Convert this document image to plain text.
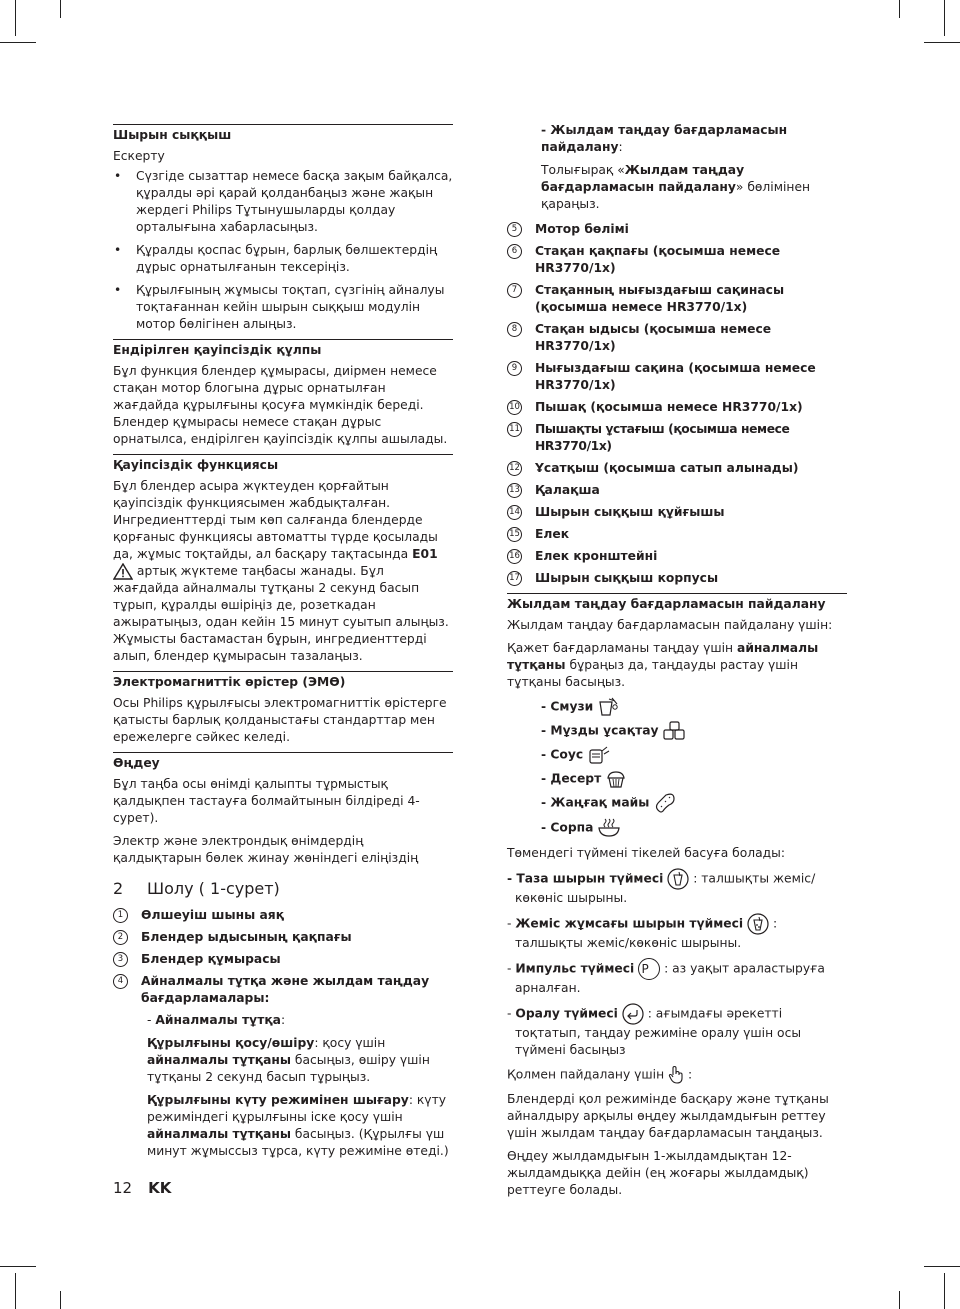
Шырын сыққыш
Ескерту
• Сүзгіде сызаттар немесе басқа зақым байқалса, құралды әрі қарай қолданбаңыз және жақын жердегі Philips Тұтынушыларды қолдау орталығына хабарласыңыз.
• Құралды қоспас бұрын, барлық бөлшектердің дұрыс орнатылғанын тексеріңіз.
• Құрылғының жұмысы тоқтап, сүзгінің айналуы тоқтағаннан кейін шырын сыққыш модулін мотор бөлігінен алыңыз.
Ендірілген қауіпсіздік құлпы

Бұл функция блендер құмырасы, диірмен немесе стақан мотор блогына дұрыс орнатылған жағдайда құрылғыны қосуға мүмкіндік береді. Блендер құмырасы немесе стақан дұрыс орнатылса, ендірілген қауіпсіздік құлпы ашылады.

Қауіпсіздік функциясы

Бұл блендер асыра жүктеуден қорғайтын қауіпсіздік функциясымен жабдықталған. Ингредиенттерді тым көп салғанда блендерде қорғаныс функциясы автоматты түрде қосылады да, жұмыс тоқтайды, ал басқару тақтасында E01  артық жүктеме таңбасы жанады. Бұл жағдайда айналмалы тұтқаны 2 секунд басып тұрып, құралды өшіріңіз де, розеткадан ажыратыңыз, одан кейін 15 минут суытып алыңыз. Жұмысты бастамастан бұрын, ингредиенттерді алып, блендер құмырасын тазалаңыз.

Электромагниттік өрістер (ЭМӨ)

Осы Philips құрылғысы электромагниттік өрістерге қатысты барлық қолданыстағы стандарттар мен ережелерге сәйкес келеді.

Өңдеу

Бұл таңба осы өнімді қалыпты тұрмыстық қалдықпен тастауға болмайтынын білдіреді 4-сурет).

Электр және электрондық өнімдердің қалдықтарын бөлек жинау жөніндегі еліңіздің

2 Шолу ( 1-сурет)
1	Өлшеуіш шыны аяқ
2	Блендер ыдысының қақпағы
3	Блендер құмырасы
4	Айналмалы тұтқа және жылдам таңдау бағдарламалары:

- Айналмалы тұтқа:

Құрылғыны қосу/өшіру: қосу үшін айналмалы тұтқаны басыңыз, өшіру үшін тұтқаны 2 секунд басып тұрыңыз.

Құрылғыны күту режимінен шығару: күту режиміндегі құрылғыны іске қосу үшін айналмалы тұтқаны басыңыз. (Құрылғы үш минут жұмыссыз тұрса, күту режиміне өтеді.)

- Жылдам таңдау бағдарламасын пайдалану:

Толығырақ «Жылдам таңдау бағдарламасын пайдалану» бөлімінен қараңыз.

5	Мотор бөлімі
6	Стақан қақпағы (қосымша немесе HR3770/1x)
7	Стақанның нығыздағыш сақинасы (қосымша немесе HR3770/1x)
8	Стақан ыдысы (қосымша немесе HR3770/1x)
9	Нығыздағыш сақина (қосымша немесе HR3770/1x)
10 Пышақ (қосымша немесе HR3770/1x)
11 Пышақты ұстағыш (қосымша немесе HR3770/1x)
12 Ұсатқыш (қосымша сатып алынады)
13 Қалақша
14 Шырын сыққыш құйғышы
15 Елек
16 Елек кронштейні
17 Шырын сыққыш корпусы
Жылдам таңдау бағдарламасын пайдалану

Жылдам таңдау бағдарламасын пайдалану үшін:

Қажет бағдарламаны таңдау үшін айналмалы тұтқаны бұраңыз да, таңдауды растау үшін тұтқаны басыңыз.

- Смузи
- Мұзды ұсақтау
- Соус
- Десерт
- Жаңғақ майы
- Сорпа

Төмендегі түймені тікелей басуға болады:

- Таза шырын түймесі : талшықты жеміс/көкөніс шырыны.

- Жеміс жұмсағы шырын түймесі : талшықты жеміс/көкөніс шырыны.

- Импульс түймесі P : аз уақыт араластыруға арналған.

- Оралу түймесі : ағымдағы әрекетті тоқтатып, таңдау режиміне оралу үшін осы түймені басыңыз

Қолмен пайдалану үшін :

Блендерді қол режимінде басқару және тұтқаны айналдыру арқылы өңдеу жылдамдығын реттеу үшін жылдам таңдау бағдарламасын таңдаңыз.

Өңдеу жылдамдығын 1-жылдамдықтан 12-жылдамдыққа дейін (ең жоғары жылдамдық) реттеуге болады.

12 KK
